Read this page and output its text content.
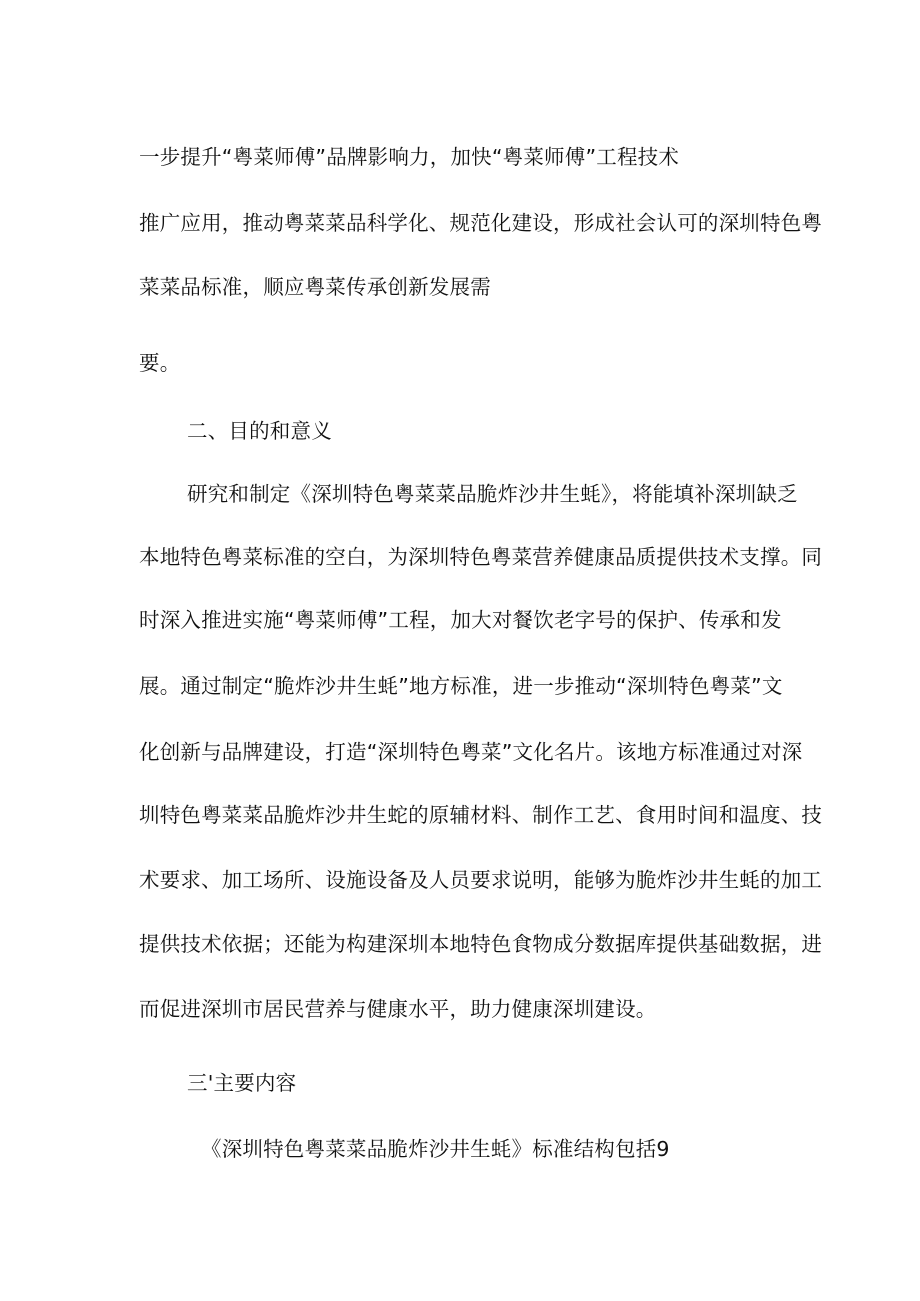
一步提升“粤菜师傅”品牌影响力，加快“粤菜师傅”工程技术
推广应用，推动粤菜菜品科学化、规范化建设，形成社会认可的深圳特色粤
菜菜品标准，顺应粤菜传承创新发展需
要。
二、目的和意义
研究和制定《深圳特色粤菜菜品脆炸沙井生蚝》，将能填补深圳缺乏
本地特色粤菜标准的空白，为深圳特色粤菜营养健康品质提供技术支撑。同
时深入推进实施“粤菜师傅”工程，加大对餐饮老字号的保护、传承和发
展。通过制定“脆炸沙井生蚝”地方标准，进一步推动“深圳特色粤菜”文
化创新与品牌建设，打造“深圳特色粤菜”文化名片。该地方标准通过对深
圳特色粤菜菜品脆炸沙井生蛇的原辅材料、制作工艺、食用时间和温度、技
术要求、加工场所、设施设备及人员要求说明，能够为脆炸沙井生蚝的加工
提供技术依据；还能为构建深圳本地特色食物成分数据库提供基础数据，进
而促进深圳市居民营养与健康水平，助力健康深圳建设。
三'主要内容
《深圳特色粤菜菜品脆炸沙井生蚝》标准结构包括9
